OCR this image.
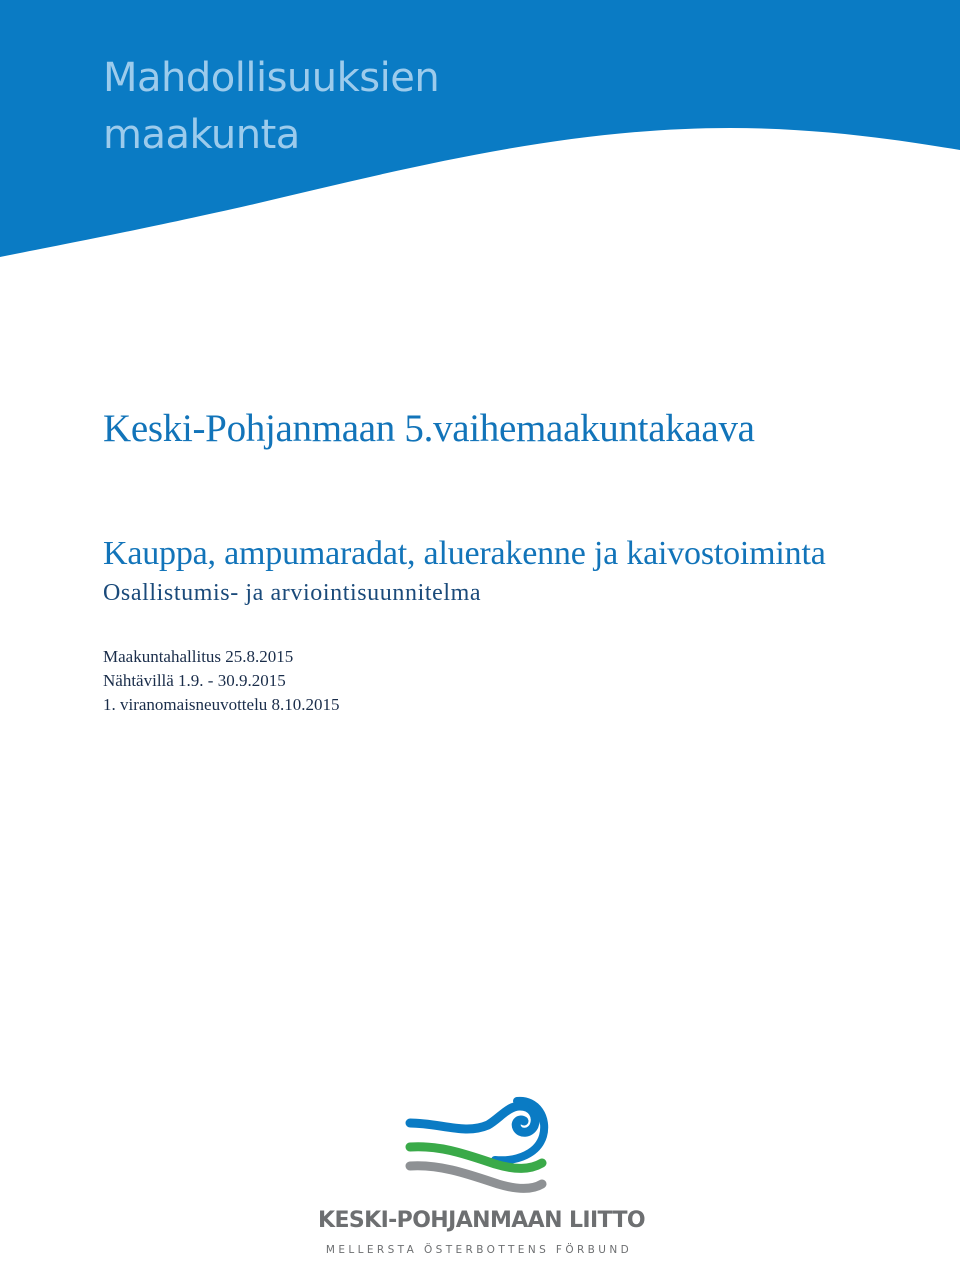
Mahdollisuuksien
maakunta
Keski-Pohjanmaan 5.vaihemaakuntakaava
Kauppa, ampumaradat, aluerakenne ja kaivostoiminta

Osallistumis- ja arviointisuunnitelma

Maakuntahallitus 25.8.2015
Nähtävillä 1.9. - 30.9.2015
1. viranomaisneuvottelu 8.10.2015

KESKI-POHJANMAAN LIITTO

MELLERSTA ÖSTERBOTTENS FÖRBUND
